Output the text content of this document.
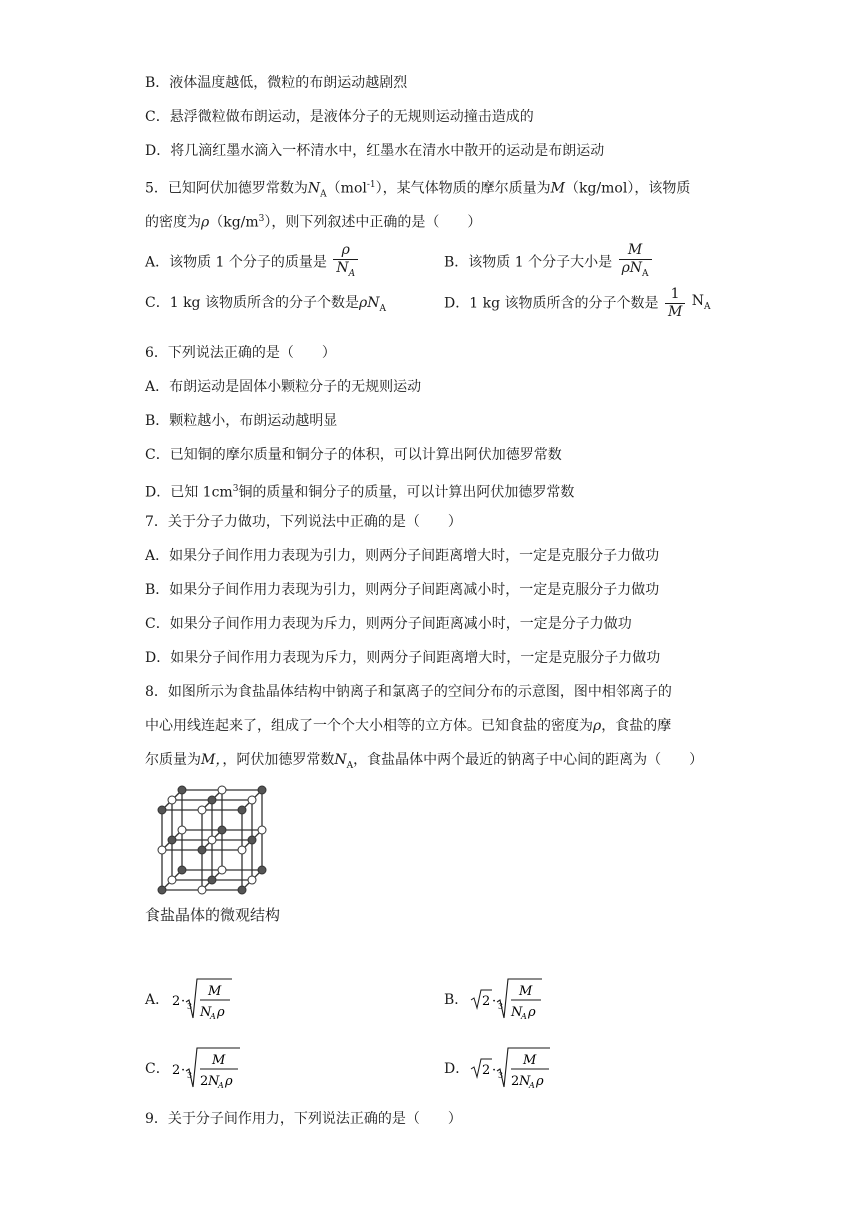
B．液体温度越低，微粒的布朗运动越剧烈
C．悬浮微粒做布朗运动，是液体分子的无规则运动撞击造成的
D．将几滴红墨水滴入一杯清水中，红墨水在清水中散开的运动是布朗运动
5．已知阿伏加德罗常数为$N_A(mol^{-1})$，某气体物质的摩尔质量为M（kg/mol），该物质
的密度为$\rho(kg/m^3)$，则下列叙述中正确的是（　　）
A．该物质 1 个分子的质量是 $\frac{\rho}{N_A}$	B．该物质 1 个分子大小是 $\frac{M}{\rho N_A}$
C．1 kg 该物质所含的分子个数是$\rho N_A$	D．1 kg 该物质所含的分子个数是 $\frac{1}{M} N_A$
6．下列说法正确的是（　　）
A．布朗运动是固体小颗粒分子的无规则运动
B．颗粒越小，布朗运动越明显
C．已知铜的摩尔质量和铜分子的体积，可以计算出阿伏加德罗常数
D．已知 $1cm^3$铜的质量和铜分子的质量，可以计算出阿伏加德罗常数
7．关于分子力做功，下列说法中正确的是（　　）
A．如果分子间作用力表现为引力，则两分子间距离增大时，一定是克服分子力做功
B．如果分子间作用力表现为引力，则两分子间距离减小时，一定是克服分子力做功
C．如果分子间作用力表现为斥力，则两分子间距离减小时，一定是分子力做功
D．如果分子间作用力表现为斥力，则两分子间距离增大时，一定是克服分子力做功
8．如图所示为食盐晶体结构中钠离子和氯离子的空间分布的示意图，图中相邻离子的
中心用线连起来了，组成了一个个大小相等的立方体。已知食盐的密度为ρ，食盐的摩
尔质量为M，，阿伏加德罗常数$N_A$，食盐晶体中两个最近的钠离子中心间的距离为（　　）
食盐晶体的微观结构
A． 2 · 3
M
N
A ρ
B． 2 · 3
M
N
A ρ
C． 2 · 3
M
2 N
A ρ
D． 2 · 3
M
2 N
A ρ
9．关于分子间作用力，下列说法正确的是（　　）
